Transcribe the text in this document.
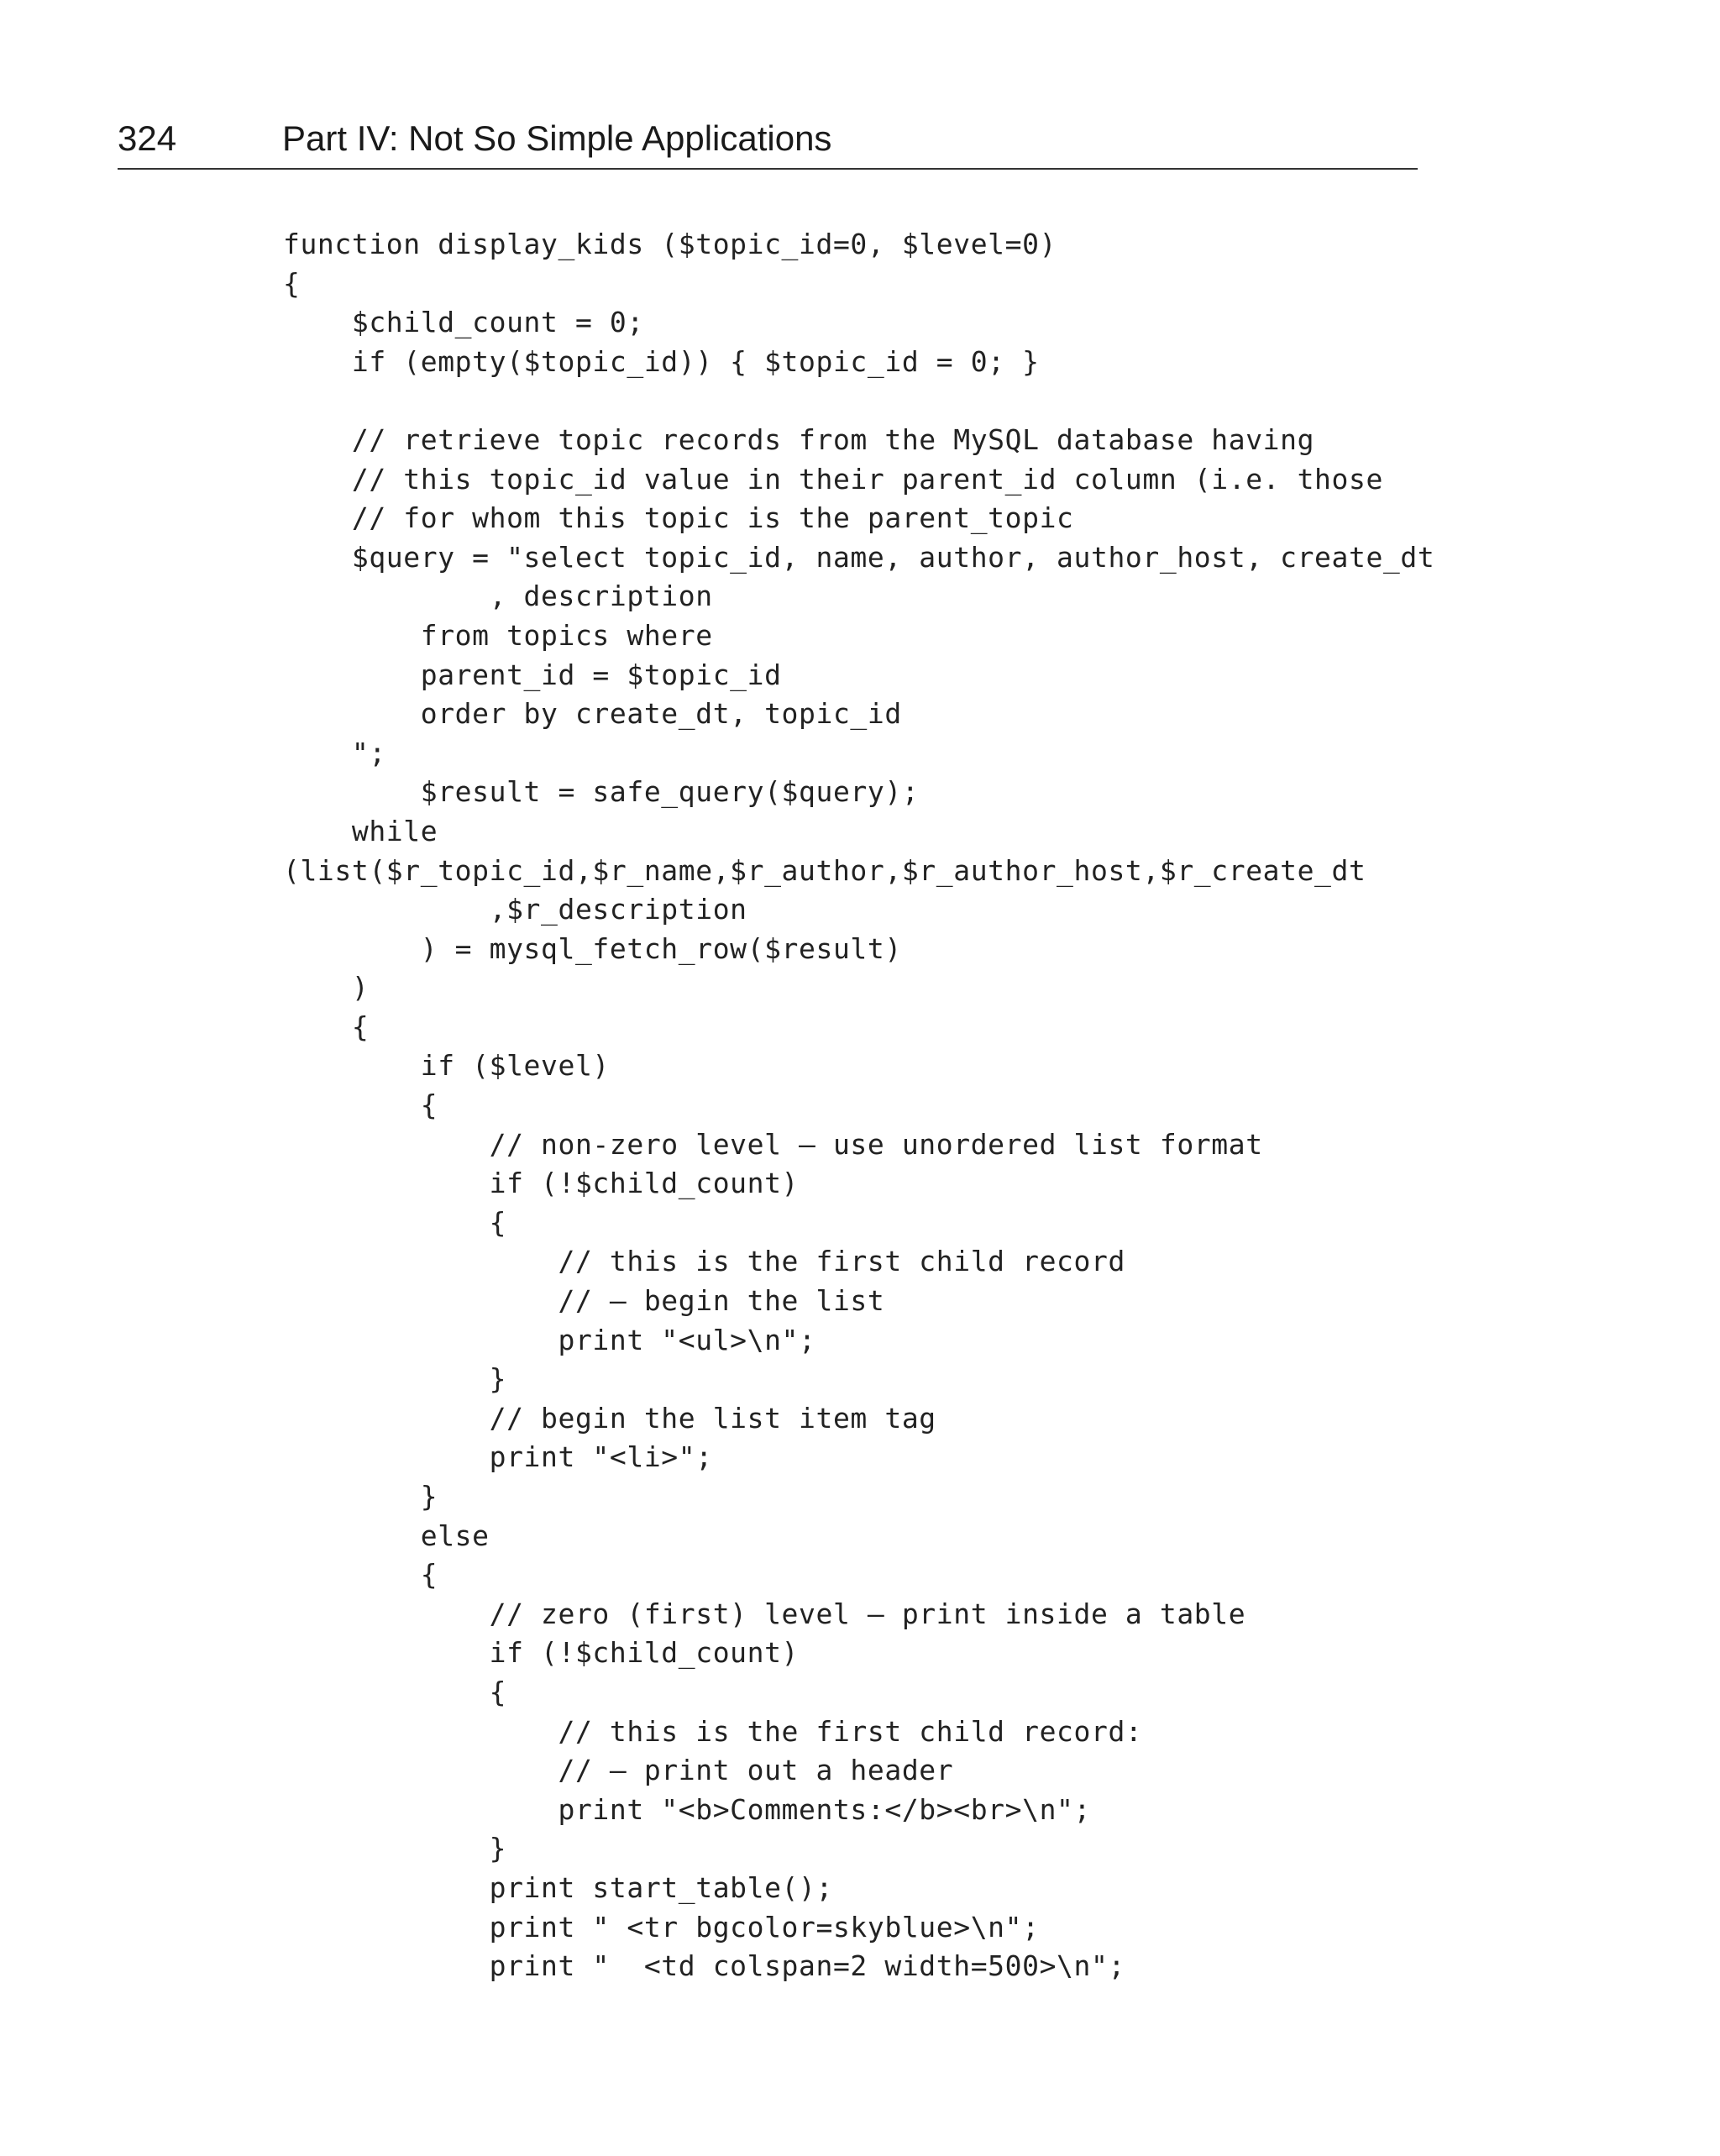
324	Part IV: Not So Simple Applications
function display_kids ($topic_id=0, $level=0)
{
$child_count = 0;
if (empty($topic_id)) { $topic_id = 0; }
// retrieve topic records from the MySQL database having
// this topic_id value in their parent_id column (i.e. those
// for whom this topic is the parent_topic
$query = "select topic_id, name, author, author_host, create_dt
, description
from topics where
parent_id = $topic_id
order by create_dt, topic_id
";
$result = safe_query($query);
while
(list($r_topic_id,$r_name,$r_author,$r_author_host,$r_create_dt
,$r_description
) = mysql_fetch_row($result)
)
{
if ($level)
{
// non-zero level – use unordered list format
if (!$child_count)
{
// this is the first child record
// – begin the list
print "<ul>\n";
}
// begin the list item tag
print "<li>";
}
else
{
// zero (first) level – print inside a table
if (!$child_count)
{
// this is the first child record:
// – print out a header
print "<b>Comments:</b><br>\n";
}
print start_table();
print " <tr bgcolor=skyblue>\n";
print "  <td colspan=2 width=500>\n";
